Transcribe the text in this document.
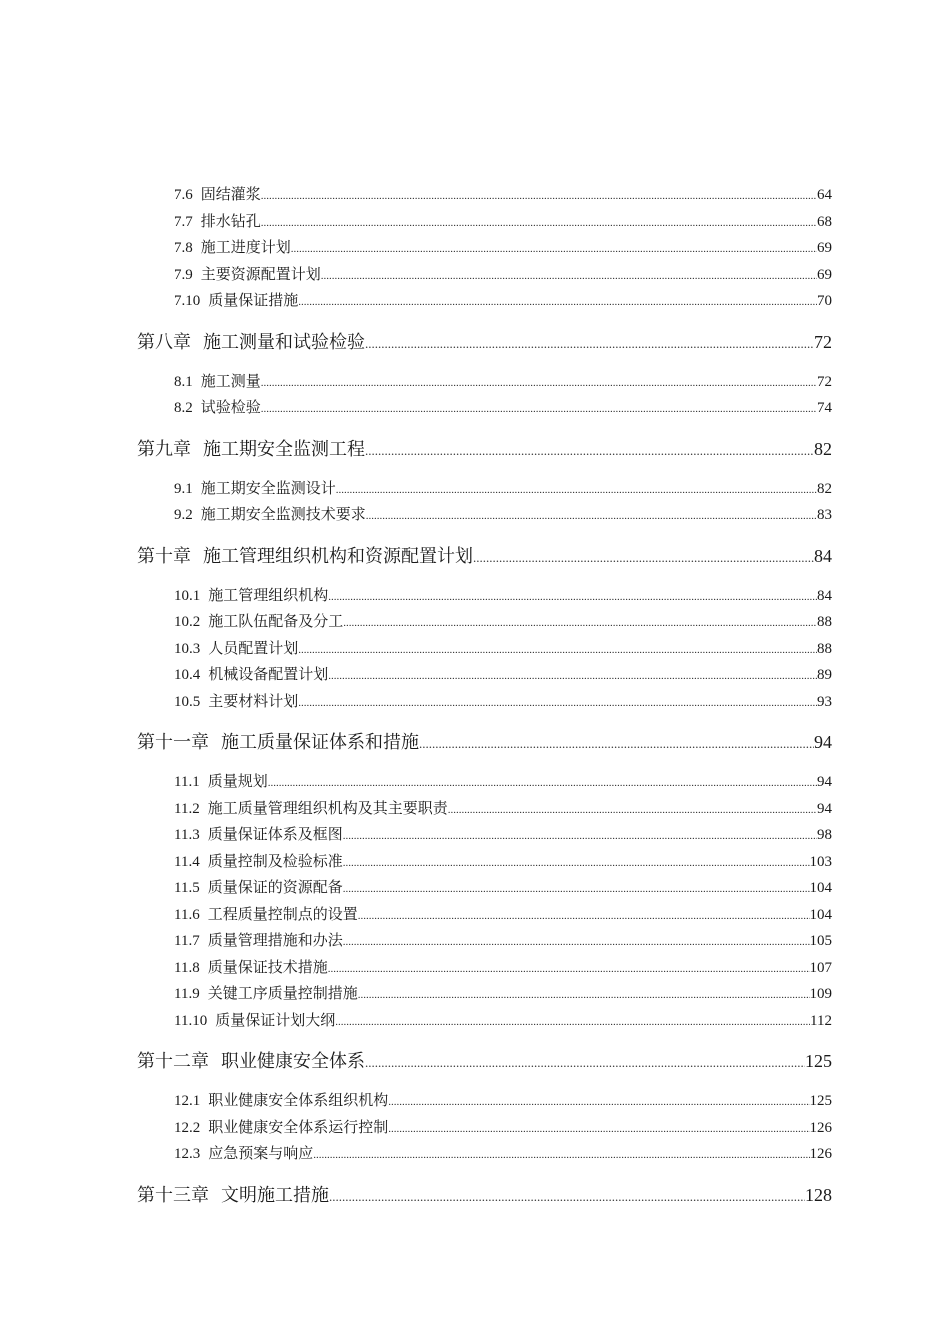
7.6 固结灌浆 .....	64
7.7 排水钻孔 .....	68
7.8 施工进度计划 .....	69
7.9 主要资源配置计划 .....	69
7.10 质量保证措施 .....	70
第八章 施工测量和试验检验 .....	72
8.1 施工测量 .....	72
8.2 试验检验 .....	74
第九章 施工期安全监测工程 .....	82
9.1 施工期安全监测设计 .....	82
9.2 施工期安全监测技术要求 .....	83
第十章 施工管理组织机构和资源配置计划 .....	84
10.1 施工管理组织机构 .....	84
10.2 施工队伍配备及分工 .....	88
10.3 人员配置计划 .....	88
10.4 机械设备配置计划 .....	89
10.5 主要材料计划 .....	93
第十一章 施工质量保证体系和措施 .....	94
11.1 质量规划 .....	94
11.2 施工质量管理组织机构及其主要职责 .....	94
11.3 质量保证体系及框图 .....	98
11.4 质量控制及检验标准 .....	103
11.5 质量保证的资源配备 .....	104
11.6 工程质量控制点的设置 .....	104
11.7 质量管理措施和办法 .....	105
11.8 质量保证技术措施 .....	107
11.9 关键工序质量控制措施 .....	109
11.10 质量保证计划大纲 .....	112
第十二章 职业健康安全体系 .....	125
12.1 职业健康安全体系组织机构 .....	125
12.2 职业健康安全体系运行控制 .....	126
12.3 应急预案与响应 .....	126
第十三章 文明施工措施 .....	128
